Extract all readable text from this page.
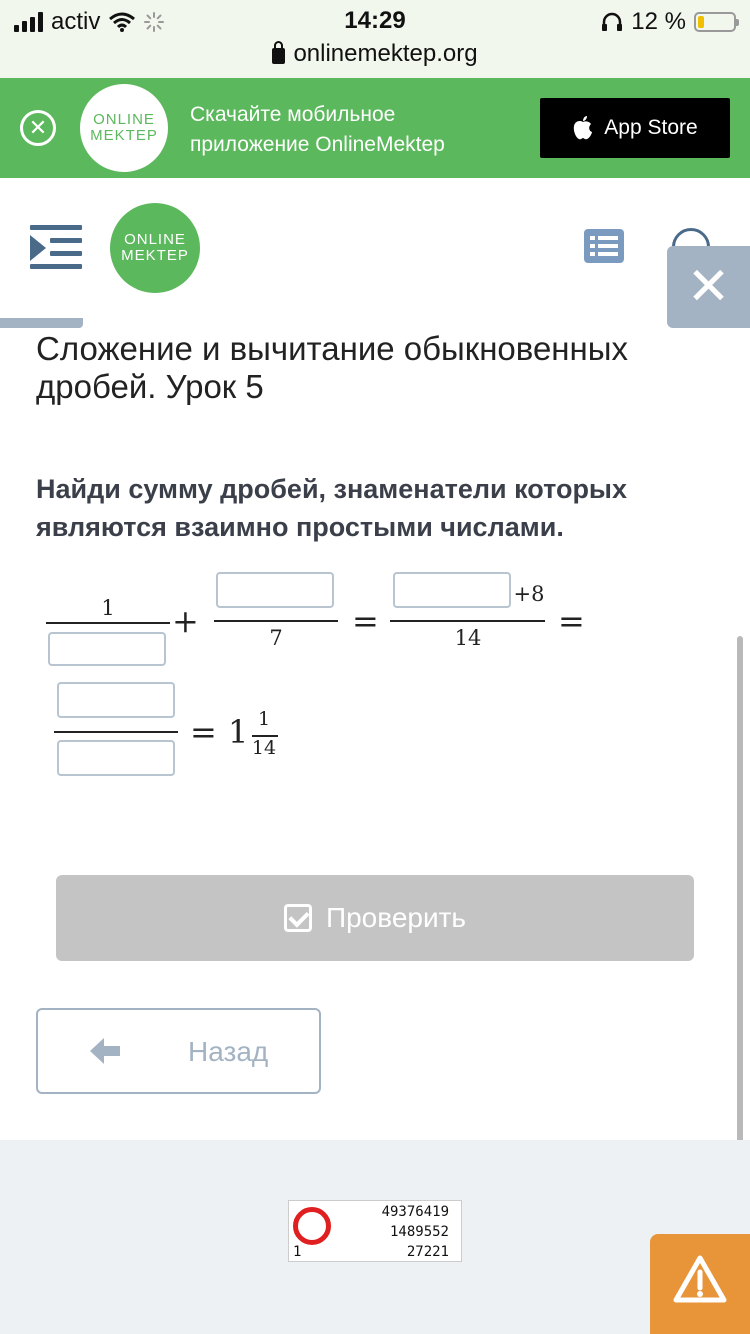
activ	14:29	12 %
onlinemektep.org
✕	ONLINE
MEKTEP
Скачайте мобильное
приложение OnlineMektep
App Store
ONLINE
MEKTEP
✕
Сложение и вычитание обыкновенных дробей. Урок 5

Найди сумму дробей, знаменатели которых являются взаимно простыми числами.

1 +	7 =
+8
14 =
= 1 1
14
Проверить
Назад
49376419
1489552
27221
1
